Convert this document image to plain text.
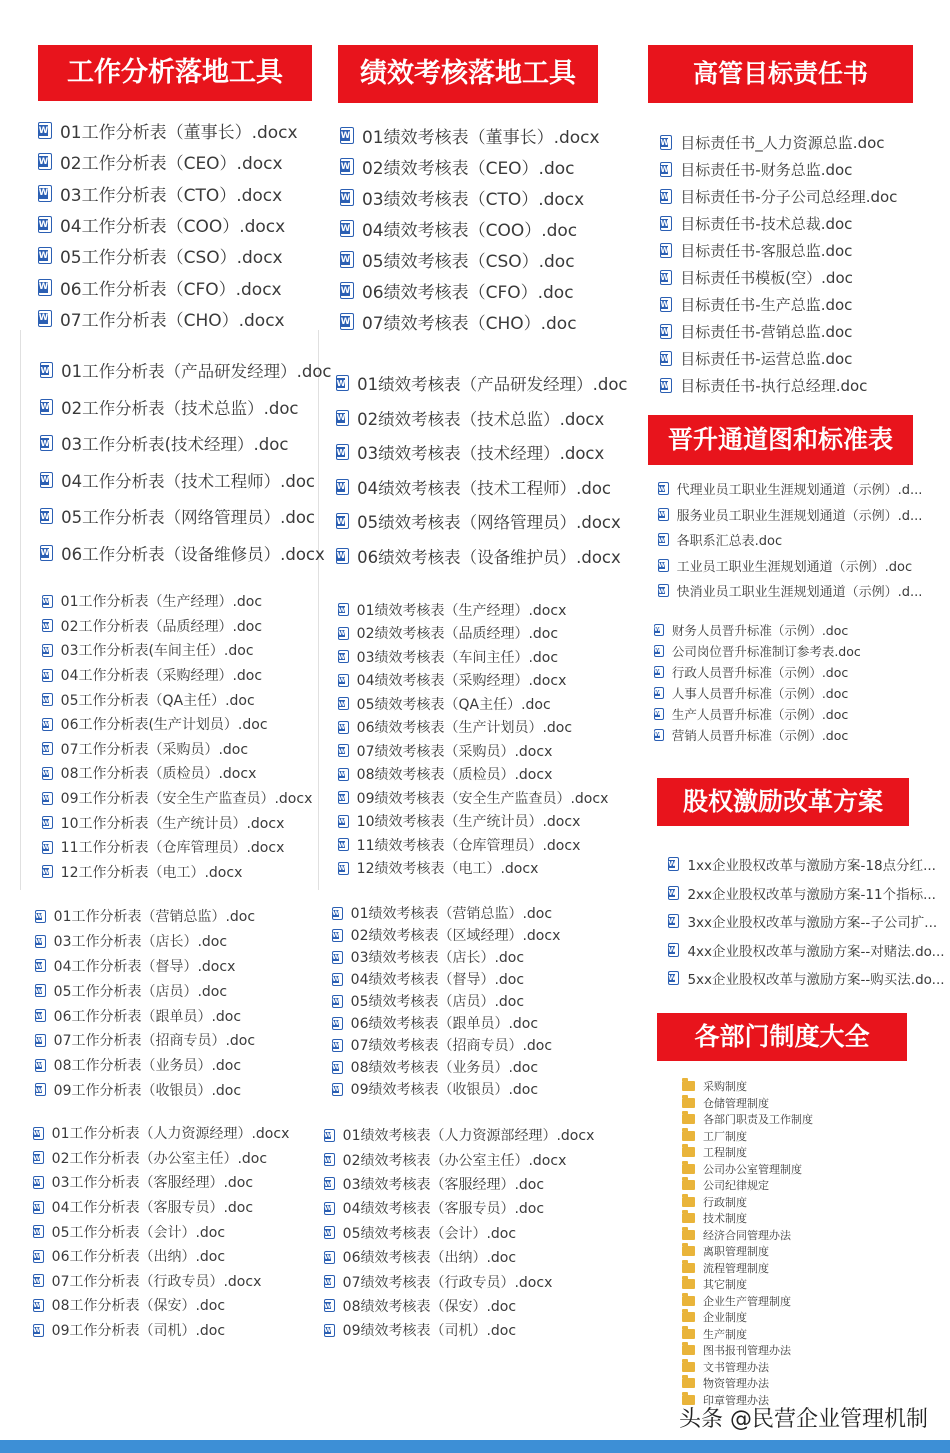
工作分析落地工具	绩效考核落地工具	高管目标责任书
晋升通道图和标准表
股权激励改革方案
各部门制度大全
W
01工作分析表（董事长）.docx
W
02工作分析表（CEO）.docx
W
03工作分析表（CTO）.docx
W
04工作分析表（COO）.docx
W
05工作分析表（CSO）.docx
W
06工作分析表（CFO）.docx
W
07工作分析表（CHO）.docx
W
01工作分析表（产品研发经理）.doc
W
02工作分析表（技术总监）.doc
W
03工作分析表(技术经理）.doc
W
04工作分析表（技术工程师）.doc
W
05工作分析表（网络管理员）.doc
W
06工作分析表（设备维修员）.docx
W
01工作分析表（生产经理）.doc
W
02工作分析表（品质经理）.doc
W
03工作分析表(车间主任）.doc
W
04工作分析表（采购经理）.doc
W
05工作分析表（QA主任）.doc
W
06工作分析表(生产计划员）.doc
W
07工作分析表（采购员）.doc
W
08工作分析表（质检员）.docx
W
09工作分析表（安全生产监查员）.docx
W
10工作分析表（生产统计员）.docx
W
11工作分析表（仓库管理员）.docx
W
12工作分析表（电工）.docx
W
01工作分析表（营销总监）.doc
W
03工作分析表（店长）.doc
W
04工作分析表（督导）.docx
W
05工作分析表（店员）.doc
W
06工作分析表（跟单员）.doc
W
07工作分析表（招商专员）.doc
W
08工作分析表（业务员）.doc
W
09工作分析表（收银员）.doc
W
01工作分析表（人力资源经理）.docx
W
02工作分析表（办公室主任）.doc
W
03工作分析表（客服经理）.doc
W
04工作分析表（客服专员）.doc
W
05工作分析表（会计）.doc
W
06工作分析表（出纳）.doc
W
07工作分析表（行政专员）.docx
W
08工作分析表（保安）.doc
W
09工作分析表（司机）.doc
W
01绩效考核表（董事长）.docx
W
02绩效考核表（CEO）.doc
W
03绩效考核表（CTO）.docx
W
04绩效考核表（COO）.doc
W
05绩效考核表（CSO）.doc
W
06绩效考核表（CFO）.doc
W
07绩效考核表（CHO）.doc
W
01绩效考核表（产品研发经理）.doc
W
02绩效考核表（技术总监）.docx
W
03绩效考核表（技术经理）.docx
W
04绩效考核表（技术工程师）.doc
W
05绩效考核表（网络管理员）.docx
W
06绩效考核表（设备维护员）.docx
W
01绩效考核表（生产经理）.docx
W
02绩效考核表（品质经理）.doc
W
03绩效考核表（车间主任）.doc
W
04绩效考核表（采购经理）.docx
W
05绩效考核表（QA主任）.doc
W
06绩效考核表（生产计划员）.doc
W
07绩效考核表（采购员）.docx
W
08绩效考核表（质检员）.docx
W
09绩效考核表（安全生产监查员）.docx
W
10绩效考核表（生产统计员）.docx
W
11绩效考核表（仓库管理员）.docx
W
12绩效考核表（电工）.docx
W
01绩效考核表（营销总监）.doc
W
02绩效考核表（区域经理）.docx
W
03绩效考核表（店长）.doc
W
04绩效考核表（督导）.doc
W
05绩效考核表（店员）.doc
W
06绩效考核表（跟单员）.doc
W
07绩效考核表（招商专员）.doc
W
08绩效考核表（业务员）.doc
W
09绩效考核表（收银员）.doc
W
01绩效考核表（人力资源部经理）.docx
W
02绩效考核表（办公室主任）.docx
W
03绩效考核表（客服经理）.doc
W
04绩效考核表（客服专员）.doc
W
05绩效考核表（会计）.doc
W
06绩效考核表（出纳）.doc
W
07绩效考核表（行政专员）.docx
W
08绩效考核表（保安）.doc
W
09绩效考核表（司机）.doc
W
目标责任书_人力资源总监.doc
W
目标责任书-财务总监.doc
W
目标责任书-分子公司总经理.doc
W
目标责任书-技术总裁.doc
W
目标责任书-客服总监.doc
W
目标责任书模板(空）.doc
W
目标责任书-生产总监.doc
W
目标责任书-营销总监.doc
W
目标责任书-运营总监.doc
W
目标责任书-执行总经理.doc
W
代理业员工职业生涯规划通道（示例）.d...
W
服务业员工职业生涯规划通道（示例）.d...
W
各职系汇总表.doc
W
工业员工职业生涯规划通道（示例）.doc
W
快消业员工职业生涯规划通道（示例）.d...
W
财务人员晋升标准（示例）.doc
W
公司岗位晋升标准制订参考表.doc
W
行政人员晋升标准（示例）.doc
W
人事人员晋升标准（示例）.doc
W
生产人员晋升标准（示例）.doc
W
营销人员晋升标准（示例）.doc
W
1xx企业股权改革与激励方案-18点分红...
W
2xx企业股权改革与激励方案-11个指标...
W
3xx企业股权改革与激励方案--子公司扩...
W
4xx企业股权改革与激励方案--对赌法.do...
W
5xx企业股权改革与激励方案--购买法.do...
采购制度
仓储管理制度
各部门职责及工作制度
工厂制度
工程制度
公司办公室管理制度
公司纪律规定
行政制度
技术制度
经济合同管理办法
离职管理制度
流程管理制度
其它制度
企业生产管理制度
企业制度
生产制度
图书报刊管理办法
文书管理办法
物资管理办法
印章管理办法
头条 @民营企业管理机制
